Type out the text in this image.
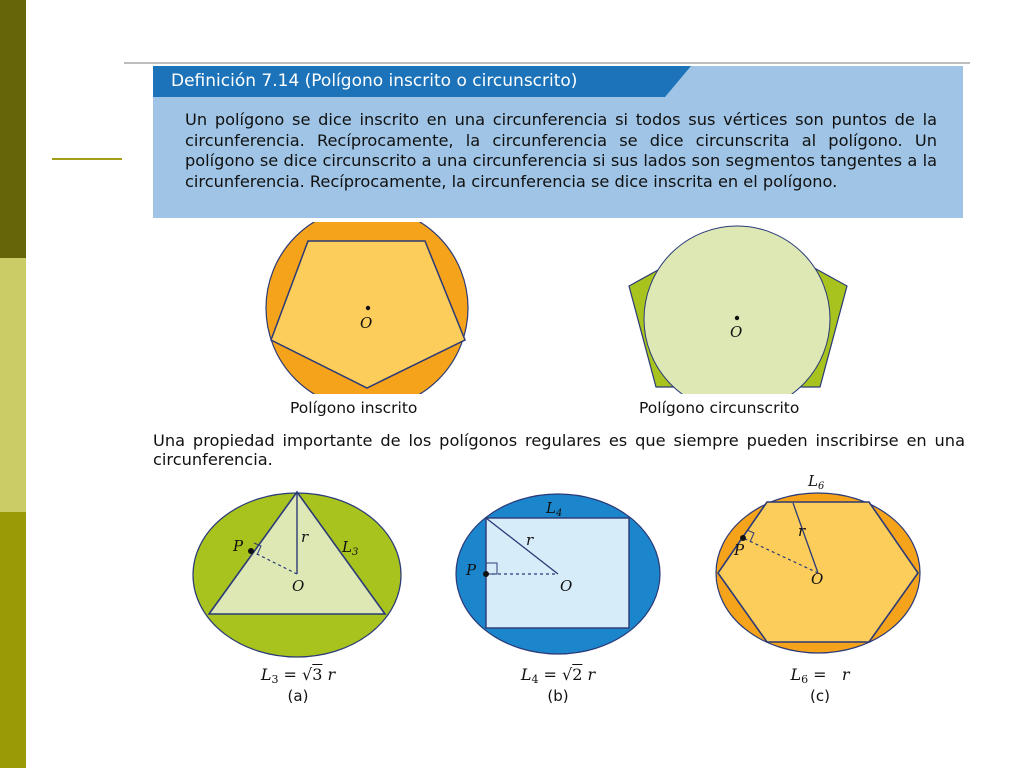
Definición 7.14 (Polígono inscrito o circunscrito)
Un polígono se dice inscrito en una circunferencia si todos sus vértices son puntos de la circunferencia. Recíprocamente, la circunferencia se dice circunscrita al polígono. Un polígono se dice circunscrito a una circunferencia si sus lados son segmentos tangentes a la circunferencia. Recíprocamente, la circunferencia se dice inscrita en el polígono.
O
Polígono inscrito
O
Polígono circunscrito
Una propiedad importante de los polígonos regulares es que siempre pueden inscribirse en una circunferencia.
P	r
O
$L_3$
$L_3 = √3$ r
(a)
P
r
O
$L_4$
$L_4 = √2$ r
(b)
$L_6$
P
r
O
$L_6 = r$
(c)
